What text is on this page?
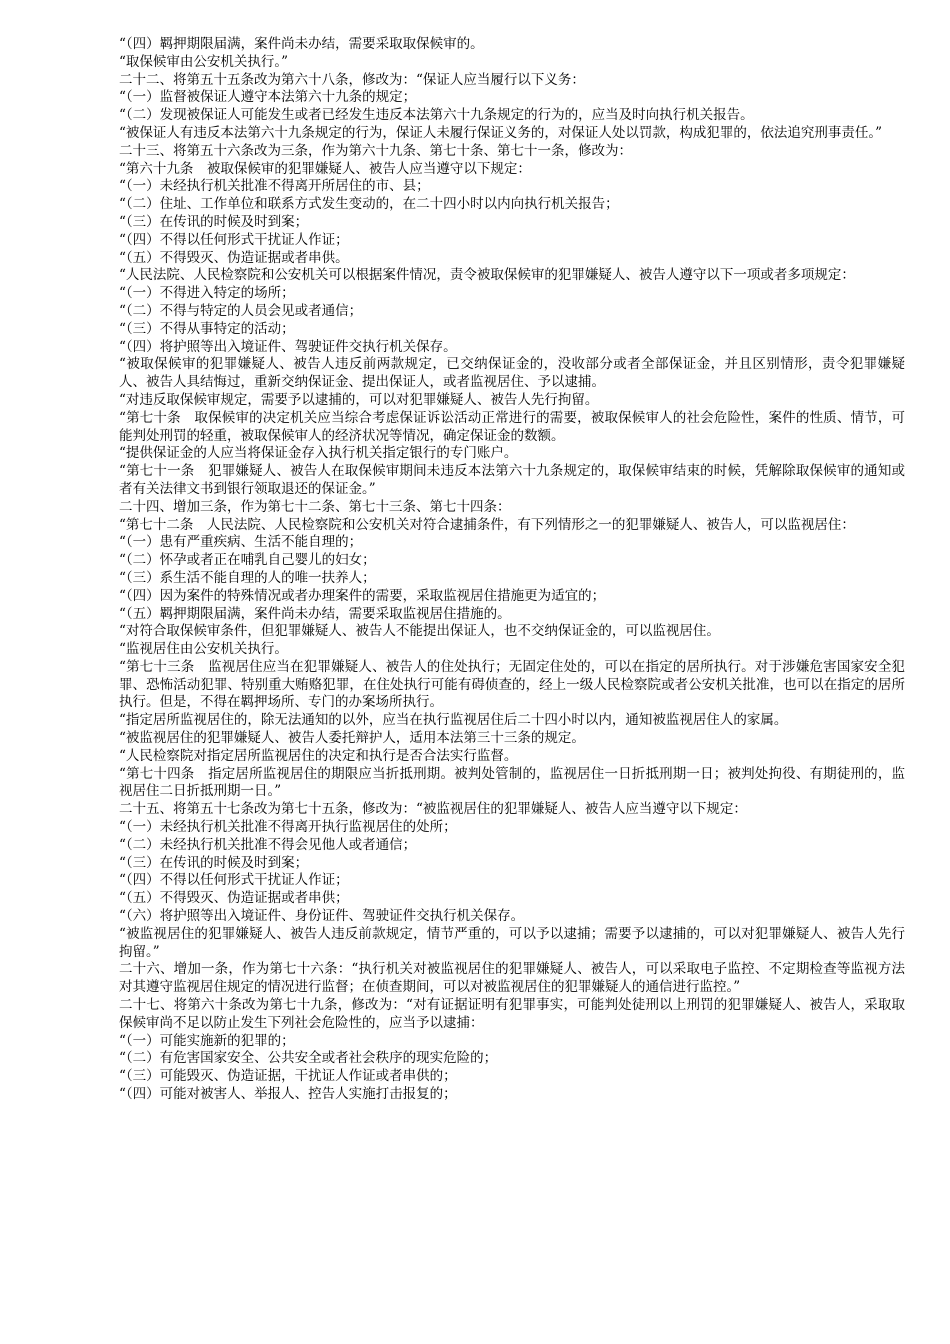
“（四）羁押期限届满，案件尚未办结，需要采取取保候审的。

“取保候审由公安机关执行。”

二十二、将第五十五条改为第六十八条，修改为：“保证人应当履行以下义务：

“（一）监督被保证人遵守本法第六十九条的规定；

“（二）发现被保证人可能发生或者已经发生违反本法第六十九条规定的行为的，应当及时向执行机关报告。

“被保证人有违反本法第六十九条规定的行为，保证人未履行保证义务的，对保证人处以罚款，构成犯罪的，依法追究刑事责任。”

二十三、将第五十六条改为三条，作为第六十九条、第七十条、第七十一条，修改为：

“第六十九条　被取保候审的犯罪嫌疑人、被告人应当遵守以下规定：

“（一）未经执行机关批准不得离开所居住的市、县；

“（二）住址、工作单位和联系方式发生变动的，在二十四小时以内向执行机关报告；

“（三）在传讯的时候及时到案；

“（四）不得以任何形式干扰证人作证；

“（五）不得毁灭、伪造证据或者串供。

“人民法院、人民检察院和公安机关可以根据案件情况，责令被取保候审的犯罪嫌疑人、被告人遵守以下一项或者多项规定：

“（一）不得进入特定的场所；

“（二）不得与特定的人员会见或者通信；

“（三）不得从事特定的活动；

“（四）将护照等出入境证件、驾驶证件交执行机关保存。

“被取保候审的犯罪嫌疑人、被告人违反前两款规定，已交纳保证金的，没收部分或者全部保证金，并且区别情形，责令犯罪嫌疑人、被告人具结悔过，重新交纳保证金、提出保证人，或者监视居住、予以逮捕。

“对违反取保候审规定，需要予以逮捕的，可以对犯罪嫌疑人、被告人先行拘留。

“第七十条　取保候审的决定机关应当综合考虑保证诉讼活动正常进行的需要，被取保候审人的社会危险性，案件的性质、情节，可能判处刑罚的轻重，被取保候审人的经济状况等情况，确定保证金的数额。

“提供保证金的人应当将保证金存入执行机关指定银行的专门账户。

“第七十一条　犯罪嫌疑人、被告人在取保候审期间未违反本法第六十九条规定的，取保候审结束的时候，凭解除取保候审的通知或者有关法律文书到银行领取退还的保证金。”

二十四、增加三条，作为第七十二条、第七十三条、第七十四条：

“第七十二条　人民法院、人民检察院和公安机关对符合逮捕条件，有下列情形之一的犯罪嫌疑人、被告人，可以监视居住：

“（一）患有严重疾病、生活不能自理的；

“（二）怀孕或者正在哺乳自己婴儿的妇女；

“（三）系生活不能自理的人的唯一扶养人；

“（四）因为案件的特殊情况或者办理案件的需要，采取监视居住措施更为适宜的；

“（五）羁押期限届满，案件尚未办结，需要采取监视居住措施的。

“对符合取保候审条件，但犯罪嫌疑人、被告人不能提出保证人，也不交纳保证金的，可以监视居住。

“监视居住由公安机关执行。

“第七十三条　监视居住应当在犯罪嫌疑人、被告人的住处执行；无固定住处的，可以在指定的居所执行。对于涉嫌危害国家安全犯罪、恐怖活动犯罪、特别重大贿赂犯罪，在住处执行可能有碍侦查的，经上一级人民检察院或者公安机关批准，也可以在指定的居所执行。但是，不得在羁押场所、专门的办案场所执行。

“指定居所监视居住的，除无法通知的以外，应当在执行监视居住后二十四小时以内，通知被监视居住人的家属。

“被监视居住的犯罪嫌疑人、被告人委托辩护人，适用本法第三十三条的规定。

“人民检察院对指定居所监视居住的决定和执行是否合法实行监督。

“第七十四条　指定居所监视居住的期限应当折抵刑期。被判处管制的，监视居住一日折抵刑期一日；被判处拘役、有期徒刑的，监视居住二日折抵刑期一日。”

二十五、将第五十七条改为第七十五条，修改为：“被监视居住的犯罪嫌疑人、被告人应当遵守以下规定：

“（一）未经执行机关批准不得离开执行监视居住的处所；

“（二）未经执行机关批准不得会见他人或者通信；

“（三）在传讯的时候及时到案；

“（四）不得以任何形式干扰证人作证；

“（五）不得毁灭、伪造证据或者串供；

“（六）将护照等出入境证件、身份证件、驾驶证件交执行机关保存。

“被监视居住的犯罪嫌疑人、被告人违反前款规定，情节严重的，可以予以逮捕；需要予以逮捕的，可以对犯罪嫌疑人、被告人先行拘留。”

二十六、增加一条，作为第七十六条：“执行机关对被监视居住的犯罪嫌疑人、被告人，可以采取电子监控、不定期检查等监视方法对其遵守监视居住规定的情况进行监督；在侦查期间，可以对被监视居住的犯罪嫌疑人的通信进行监控。”

二十七、将第六十条改为第七十九条，修改为：“对有证据证明有犯罪事实，可能判处徒刑以上刑罚的犯罪嫌疑人、被告人，采取取保候审尚不足以防止发生下列社会危险性的，应当予以逮捕：

“（一）可能实施新的犯罪的；

“（二）有危害国家安全、公共安全或者社会秩序的现实危险的；

“（三）可能毁灭、伪造证据，干扰证人作证或者串供的；

“（四）可能对被害人、举报人、控告人实施打击报复的；
